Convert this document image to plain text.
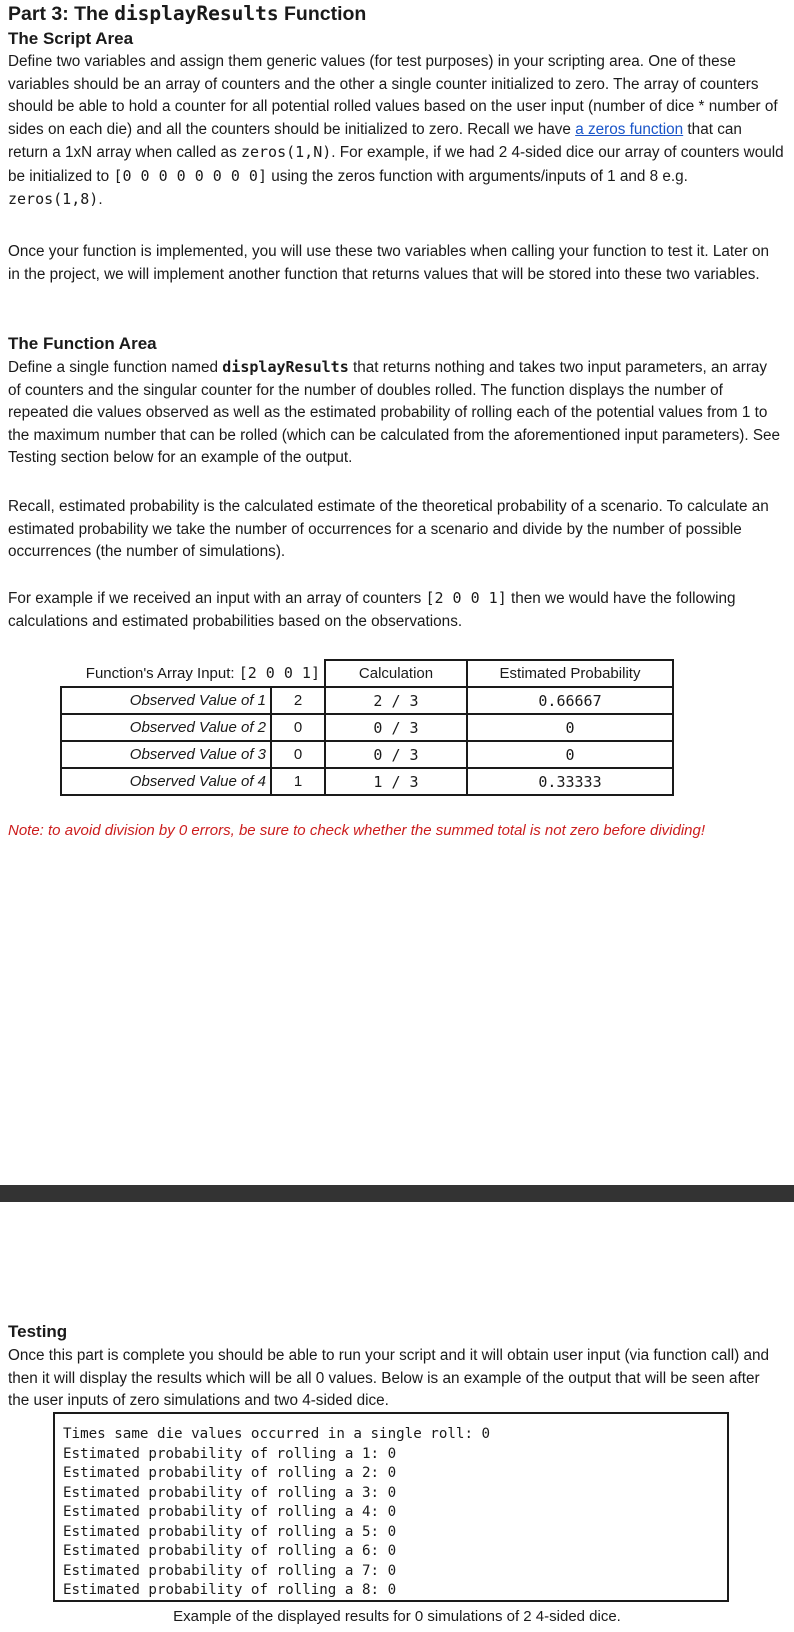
Part 3: The displayResults Function
The Script Area

Define two variables and assign them generic values (for test purposes) in your scripting area. One of these variables should be an array of counters and the other a single counter initialized to zero. The array of counters should be able to hold a counter for all potential rolled values based on the user input (number of dice * number of sides on each die) and all the counters should be initialized to zero. Recall we have a zeros function that can return a 1xN array when called as zeros(1,N). For example, if we had 2 4-sided dice our array of counters would be initialized to [0 0 0 0 0 0 0 0] using the zeros function with arguments/inputs of 1 and 8 e.g. zeros(1,8).

Once your function is implemented, you will use these two variables when calling your function to test it. Later on in the project, we will implement another function that returns values that will be stored into these two variables.

The Function Area

Define a single function named displayResults that returns nothing and takes two input parameters, an array of counters and the singular counter for the number of doubles rolled. The function displays the number of repeated die values observed as well as the estimated probability of rolling each of the potential values from 1 to the maximum number that can be rolled (which can be calculated from the aforementioned input parameters). See Testing section below for an example of the output.

Recall, estimated probability is the calculated estimate of the theoretical probability of a scenario. To calculate an estimated probability we take the number of occurrences for a scenario and divide by the number of possible occurrences (the number of simulations).

For example if we received an input with an array of counters [2 0 0 1] then we would have the following calculations and estimated probabilities based on the observations.

Function's Array Input: [2 0 0 1]		Calculation	Estimated Probability
Observed Value of 1	2	2 / 3	0.66667
Observed Value of 2	0	0 / 3	0
Observed Value of 3	0	0 / 3	0
Observed Value of 4	1	1 / 3	0.33333
Note: to avoid division by 0 errors, be sure to check whether the summed total is not zero before dividing!
Testing

Once this part is complete you should be able to run your script and it will obtain user input (via function call) and then it will display the results which will be all 0 values. Below is an example of the output that will be seen after the user inputs of zero simulations and two 4-sided dice.

Times same die values occurred in a single roll: 0
Estimated probability of rolling a 1: 0
Estimated probability of rolling a 2: 0
Estimated probability of rolling a 3: 0
Estimated probability of rolling a 4: 0
Estimated probability of rolling a 5: 0
Estimated probability of rolling a 6: 0
Estimated probability of rolling a 7: 0
Estimated probability of rolling a 8: 0
Example of the displayed results for 0 simulations of 2 4-sided dice.
